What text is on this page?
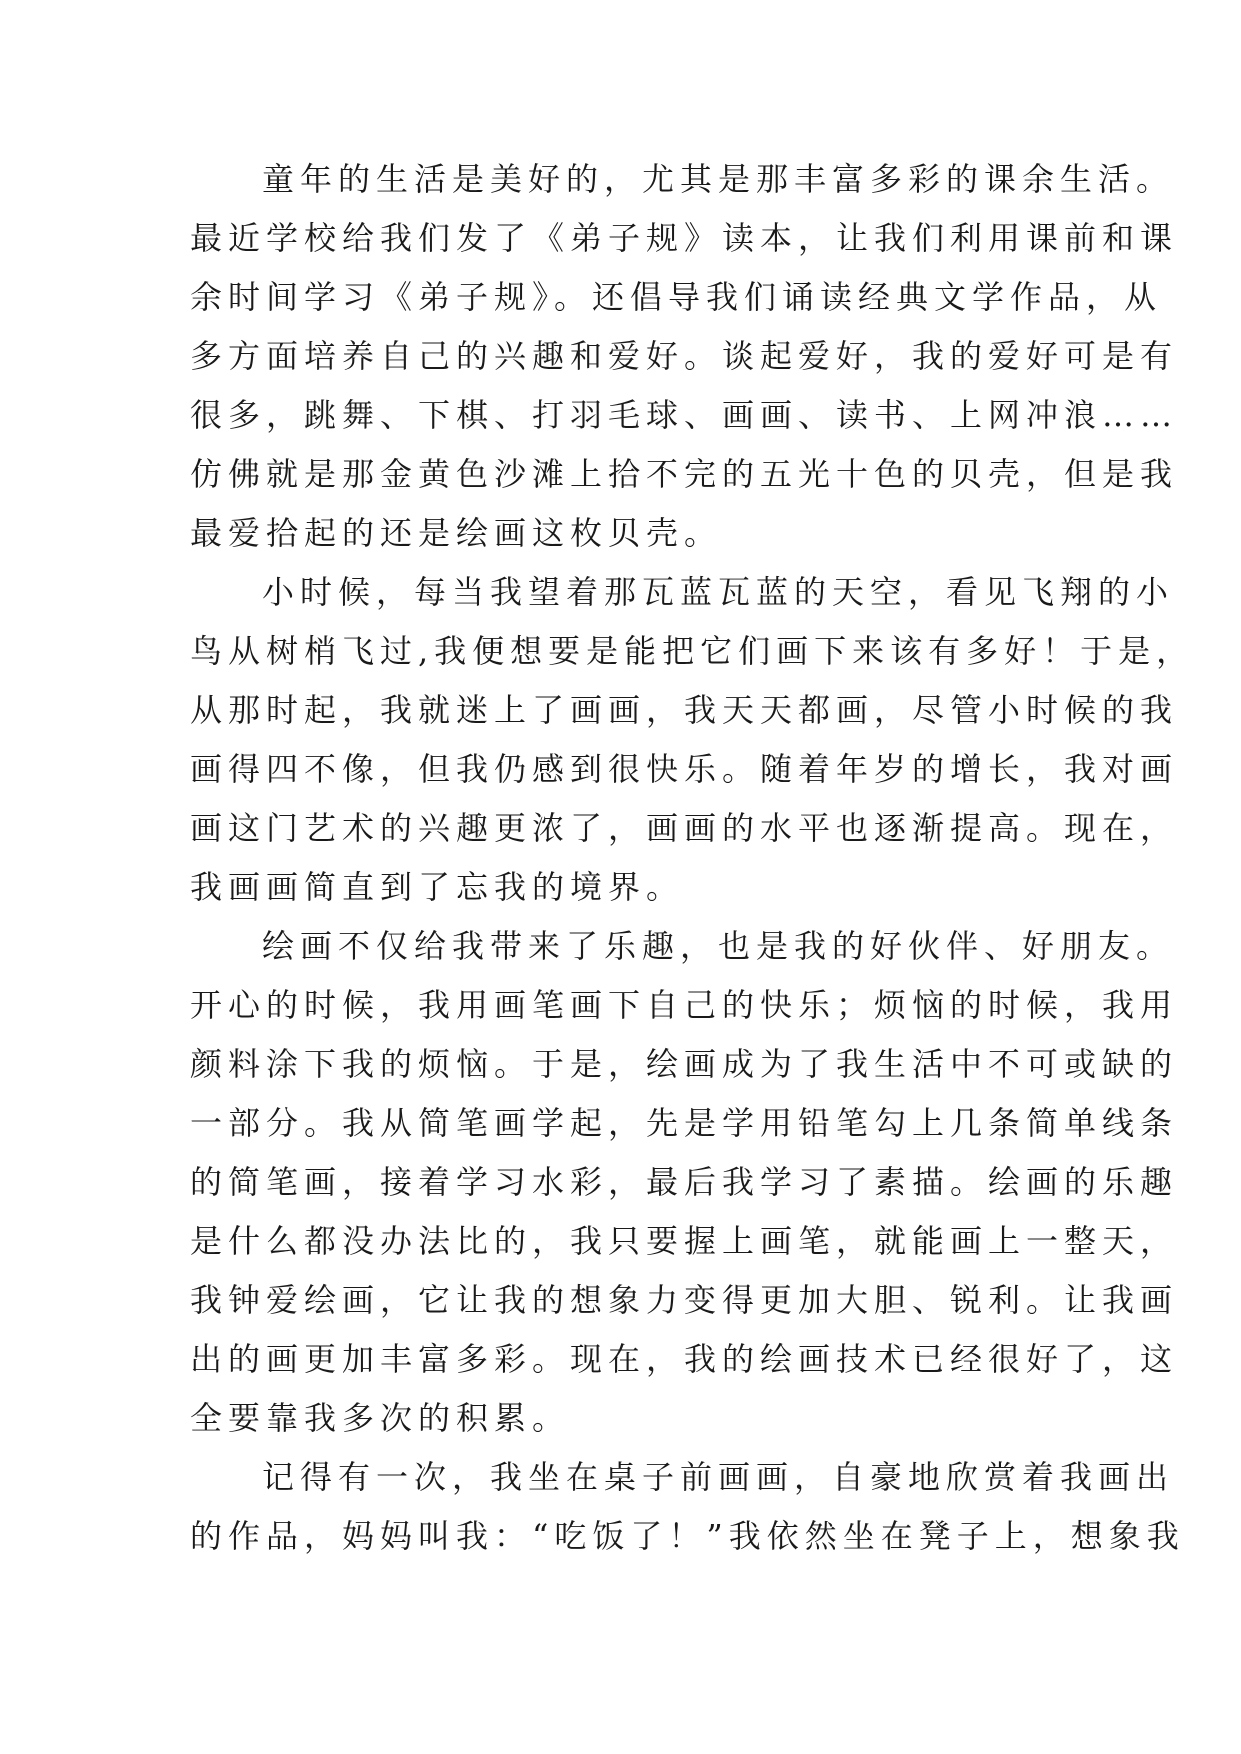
童年的生活是美好的，尤其是那丰富多彩的课余生活。
最近学校给我们发了《弟子规》读本，让我们利用课前和课
余时间学习《弟子规》。还倡导我们诵读经典文学作品，从
多方面培养自己的兴趣和爱好。谈起爱好，我的爱好可是有
很多，跳舞、下棋、打羽毛球、画画、读书、上网冲浪……
仿佛就是那金黄色沙滩上拾不完的五光十色的贝壳，但是我
最爱拾起的还是绘画这枚贝壳。
小时候，每当我望着那瓦蓝瓦蓝的天空，看见飞翔的小
鸟从树梢飞过,我便想要是能把它们画下来该有多好！于是，
从那时起，我就迷上了画画，我天天都画，尽管小时候的我
画得四不像，但我仍感到很快乐。随着年岁的增长，我对画
画这门艺术的兴趣更浓了，画画的水平也逐渐提高。现在，
我画画简直到了忘我的境界。
绘画不仅给我带来了乐趣，也是我的好伙伴、好朋友。
开心的时候，我用画笔画下自己的快乐；烦恼的时候，我用
颜料涂下我的烦恼。于是，绘画成为了我生活中不可或缺的
一部分。我从简笔画学起，先是学用铅笔勾上几条简单线条
的简笔画，接着学习水彩，最后我学习了素描。绘画的乐趣
是什么都没办法比的，我只要握上画笔，就能画上一整天，
我钟爱绘画，它让我的想象力变得更加大胆、锐利。让我画
出的画更加丰富多彩。现在，我的绘画技术已经很好了，这
全要靠我多次的积累。
记得有一次，我坐在桌子前画画，自豪地欣赏着我画出
的作品，妈妈叫我：“吃饭了！”我依然坐在凳子上，想象我
